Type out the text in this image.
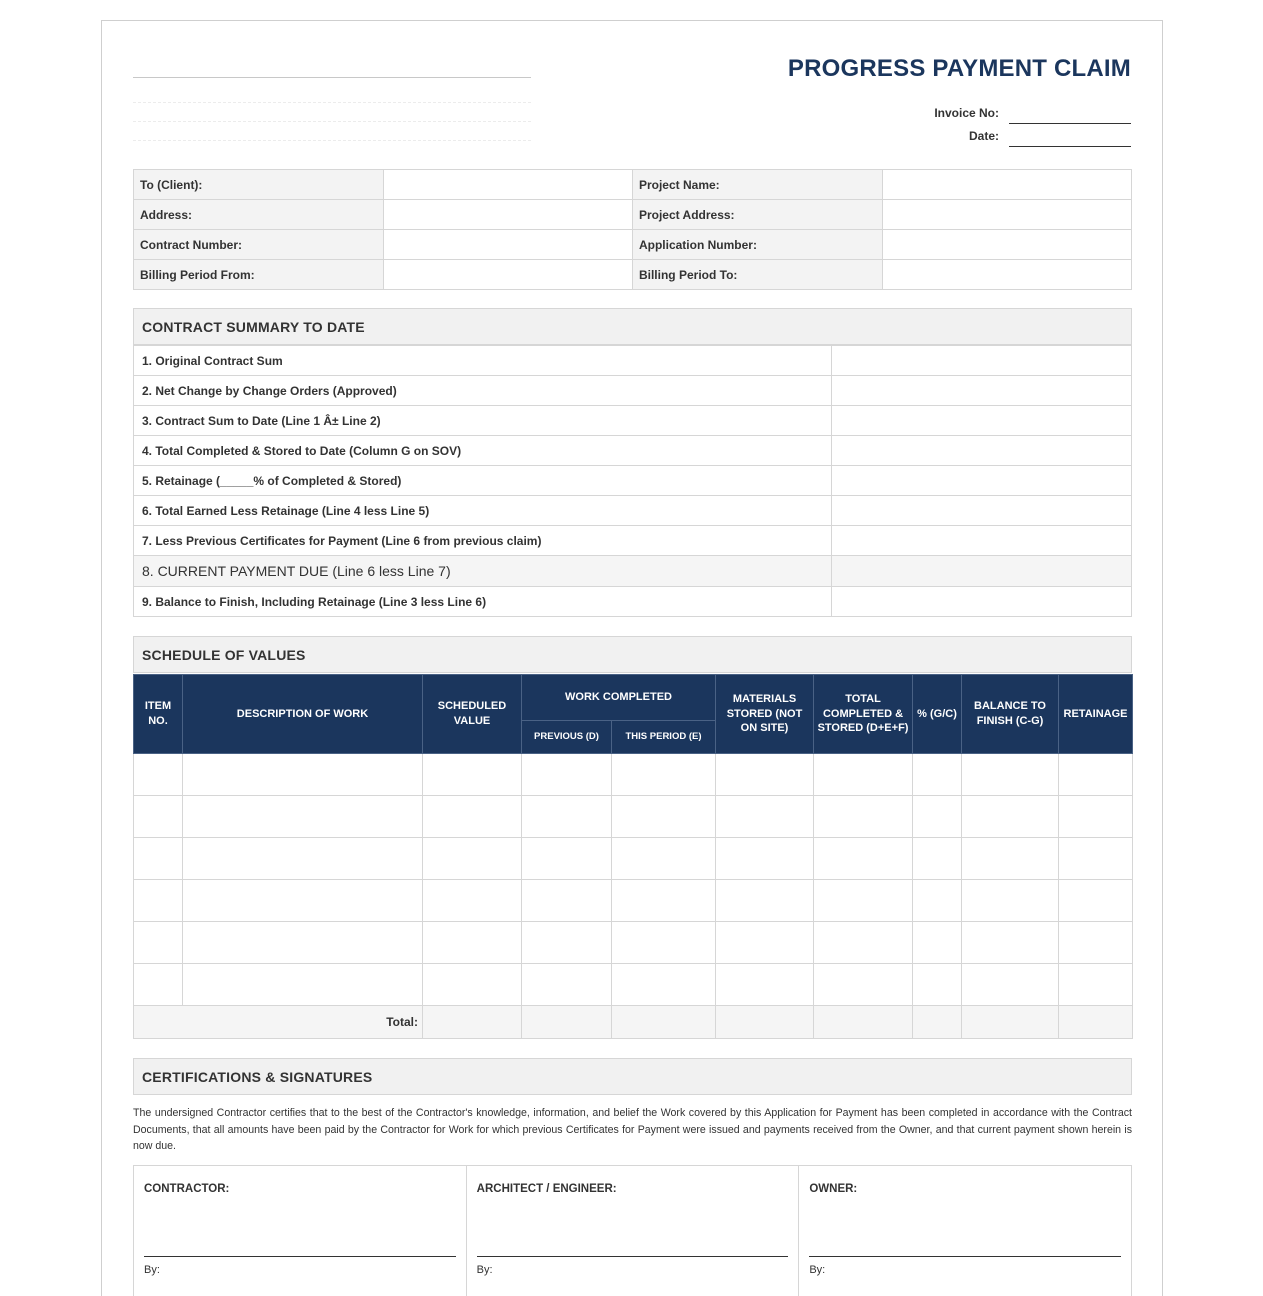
PROGRESS PAYMENT CLAIM
Invoice No:
Date:
To (Client):		Project Name:	
Address:		Project Address:	
Contract Number:		Application Number:	
Billing Period From:		Billing Period To:	
CONTRACT SUMMARY TO DATE
1. Original Contract Sum	
2. Net Change by Change Orders (Approved)	
3. Contract Sum to Date (Line 1 Â± Line 2)	
4. Total Completed & Stored to Date (Column G on SOV)	
5. Retainage (_____% of Completed & Stored)	
6. Total Earned Less Retainage (Line 4 less Line 5)	
7. Less Previous Certificates for Payment (Line 6 from previous claim)	
8. CURRENT PAYMENT DUE (Line 6 less Line 7)	
9. Balance to Finish, Including Retainage (Line 3 less Line 6)	
SCHEDULE OF VALUES
ITEM NO.	DESCRIPTION OF WORK	SCHEDULED VALUE	WORK COMPLETED		MATERIALS STORED (NOT ON SITE)	TOTAL COMPLETED & STORED (D+E+F)	% (G/C)	BALANCE TO FINISH (C-G)	RETAINAGE
			PREVIOUS (D)	THIS PERIOD (E)					

Total:									
CERTIFICATIONS & SIGNATURES
The undersigned Contractor certifies that to the best of the Contractor's knowledge, information, and belief the Work covered by this Application for Payment has been completed in accordance with the Contract Documents, that all amounts have been paid by the Contractor for Work for which previous Certificates for Payment were issued and payments received from the Owner, and that current payment shown herein is now due.
CONTRACTOR:
By:
ARCHITECT / ENGINEER:
By:
OWNER:
By:
